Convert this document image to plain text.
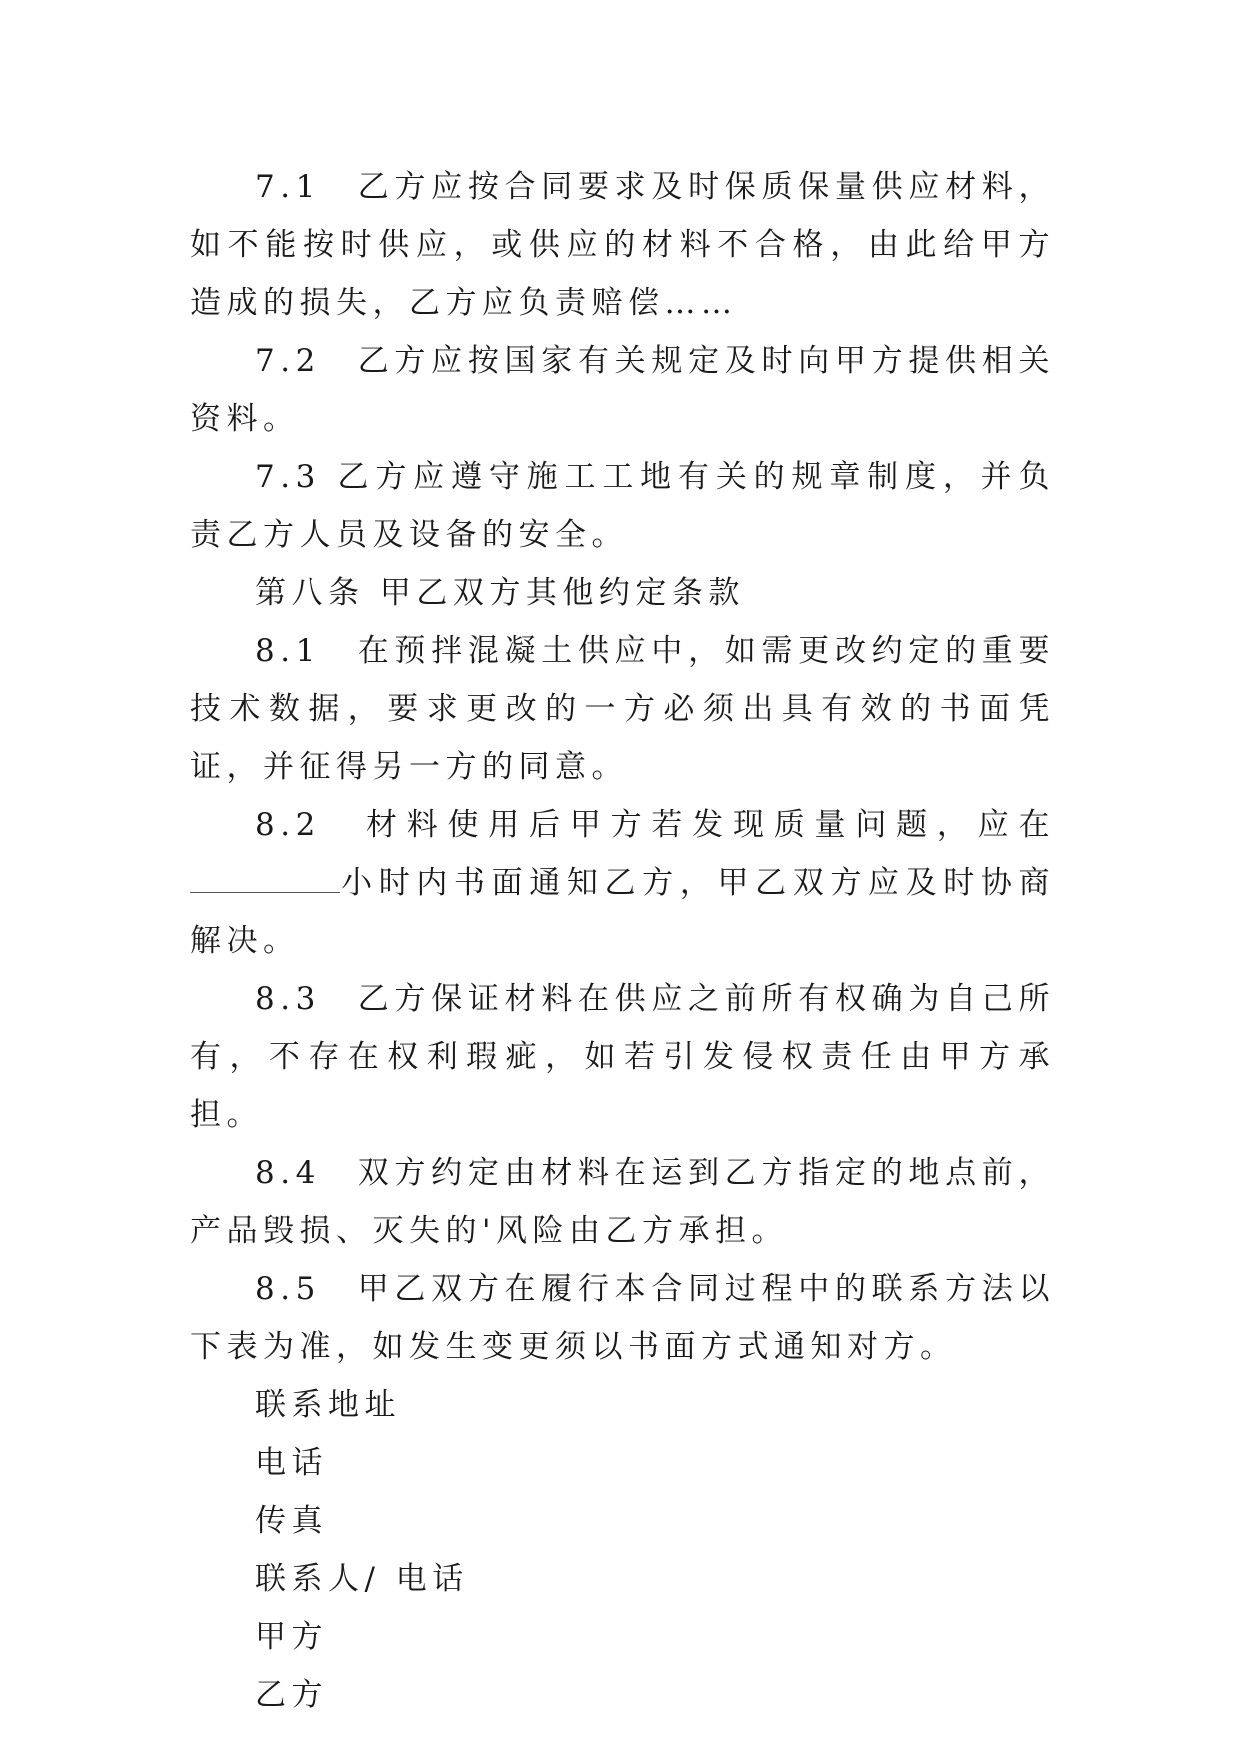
7.1　乙方应按合同要求及时保质保量供应材料，如不能按时供应，或供应的材料不合格，由此给甲方造成的损失，乙方应负责赔偿……

7.2　乙方应按国家有关规定及时向甲方提供相关资料。

7.3 乙方应遵守施工工地有关的规章制度，并负责乙方人员及设备的安全。

第八条 甲乙双方其他约定条款

8.1　在预拌混凝土供应中，如需更改约定的重要技术数据，要求更改的一方必须出具有效的书面凭证，并征得另一方的同意。

8.2　材料使用后甲方若发现质量问题，应在小时内书面通知乙方，甲乙双方应及时协商解决。

8.3　乙方保证材料在供应之前所有权确为自己所有，不存在权利瑕疵，如若引发侵权责任由甲方承担。

8.4　双方约定由材料在运到乙方指定的地点前，产品毁损、灭失的'风险由乙方承担。

8.5　甲乙双方在履行本合同过程中的联系方法以下表为准，如发生变更须以书面方式通知对方。

联系地址

电话

传真

联系人/ 电话

甲方

乙方
